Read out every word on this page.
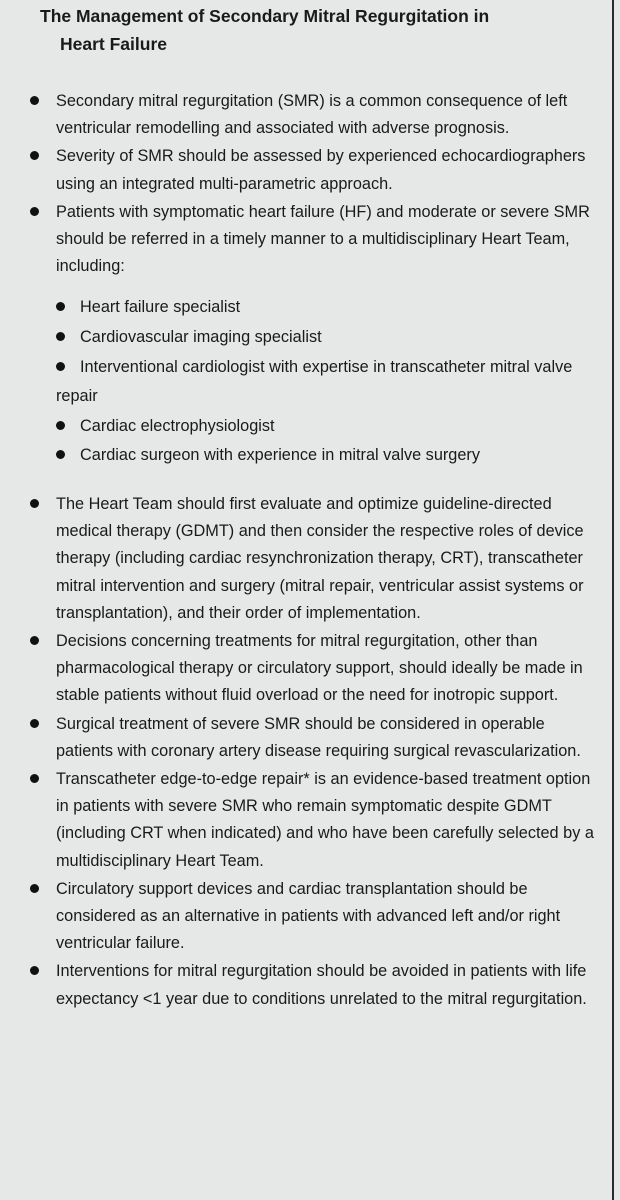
The Management of Secondary Mitral Regurgitation in
Heart Failure
Secondary mitral regurgitation (SMR) is a common consequence of left ventricular remodelling and associated with adverse prognosis.
Severity of SMR should be assessed by experienced echocardiographers using an integrated multi-parametric approach.
Patients with symptomatic heart failure (HF) and moderate or severe SMR should be referred in a timely manner to a multidisciplinary Heart Team, including:
Heart failure specialist
Cardiovascular imaging specialist
Interventional cardiologist with expertise in transcatheter mitral valve repair
Cardiac electrophysiologist
Cardiac surgeon with experience in mitral valve surgery
The Heart Team should first evaluate and optimize guideline-directed medical therapy (GDMT) and then consider the respective roles of device therapy (including cardiac resynchronization therapy, CRT), transcatheter mitral intervention and surgery (mitral repair, ventricular assist systems or transplantation), and their order of implementation.
Decisions concerning treatments for mitral regurgitation, other than pharmacological therapy or circulatory support, should ideally be made in stable patients without fluid overload or the need for inotropic support.
Surgical treatment of severe SMR should be considered in operable patients with coronary artery disease requiring surgical revascularization.
Transcatheter edge-to-edge repair* is an evidence-based treatment option in patients with severe SMR who remain symptomatic despite GDMT (including CRT when indicated) and who have been carefully selected by a multidisciplinary Heart Team.
Circulatory support devices and cardiac transplantation should be considered as an alternative in patients with advanced left and/or right ventricular failure.
Interventions for mitral regurgitation should be avoided in patients with life expectancy <1 year due to conditions unrelated to the mitral regurgitation.
